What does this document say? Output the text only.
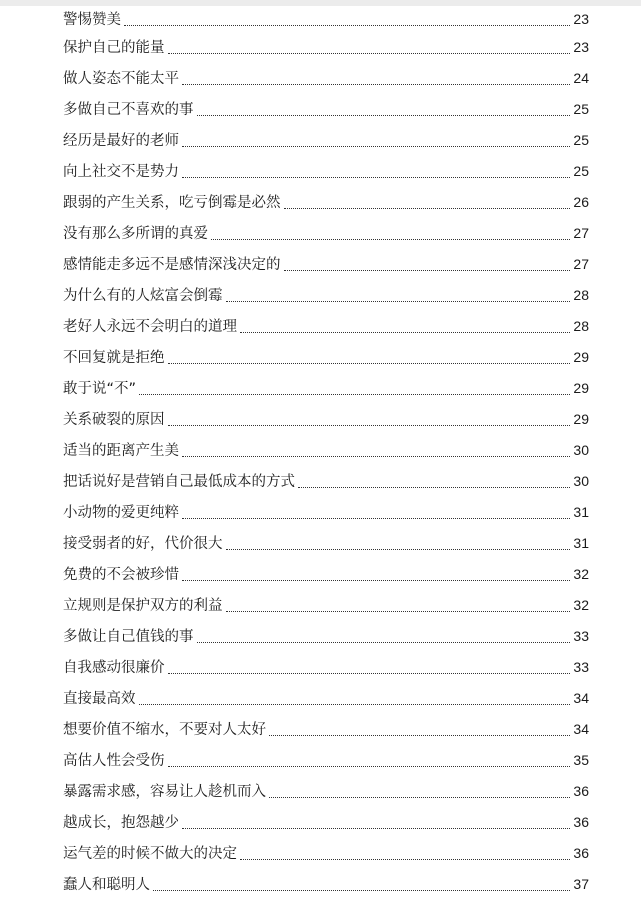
警惕赞美	23
保护自己的能量	23
做人姿态不能太平	24
多做自己不喜欢的事	25
经历是最好的老师	25
向上社交不是势力	25
跟弱的产生关系，吃亏倒霉是必然	26
没有那么多所谓的真爱	27
感情能走多远不是感情深浅决定的	27
为什么有的人炫富会倒霉	28
老好人永远不会明白的道理	28
不回复就是拒绝	29
敢于说“不”	29
关系破裂的原因	29
适当的距离产生美	30
把话说好是营销自己最低成本的方式	30
小动物的爱更纯粹	31
接受弱者的好，代价很大	31
免费的不会被珍惜	32
立规则是保护双方的利益	32
多做让自己值钱的事	33
自我感动很廉价	33
直接最高效	34
想要价值不缩水，不要对人太好	34
高估人性会受伤	35
暴露需求感，容易让人趁机而入	36
越成长，抱怨越少	36
运气差的时候不做大的决定	36
蠢人和聪明人	37
